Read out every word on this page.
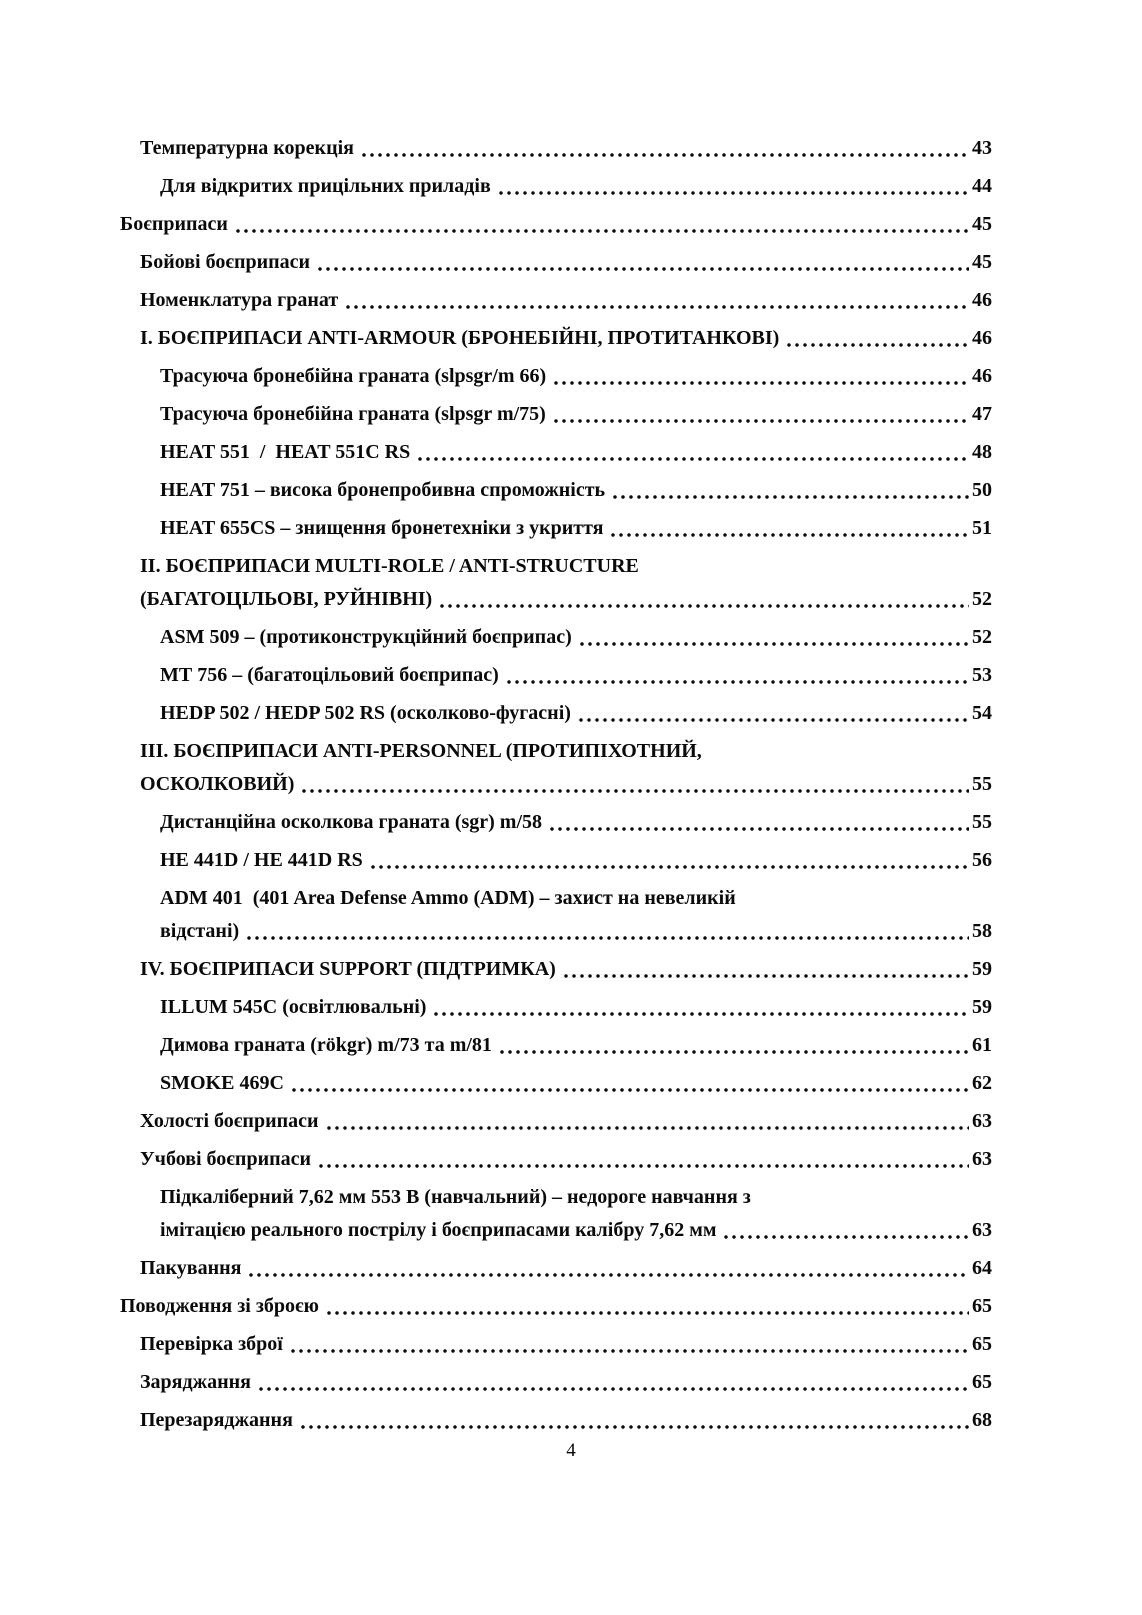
Температурна корекція	43
Для відкритих прицільних приладів	44
Боєприпаси	45
Бойові боєприпаси	45
Номенклатура гранат	46
I. БОЄПРИПАСИ ANTI-ARMOUR (БРОНЕБІЙНІ, ПРОТИТАНКОВІ)	46
Трасуюча бронебійна граната (slpsgr/m 66)	46
Трасуюча бронебійна граната (slpsgr m/75)	47
HEAT 551  /  HEAT 551C RS	48
HEAT 751 – висока бронепробивна спроможність	50
HEAT 655CS – знищення бронетехніки з укриття	51
II. БОЄПРИПАСИ MULTI-ROLE / ANTI-STRUCTURE
(БАГАТОЦІЛЬОВІ, РУЙНІВНІ)	52
ASM 509 – (протиконструкційний боєприпас)	52
МТ 756 – (багатоцільовий боєприпас)	53
HEDP 502 / HEDP 502 RS (осколково-фугасні)	54
III. БОЄПРИПАСИ ANTI-PERSONNEL (ПРОТИПІХОТНИЙ,
ОСКОЛКОВИЙ)	55
Дистанційна осколкова граната (sgr) m/58	55
HE 441D / HE 441D RS	56
ADM 401  (401 Area Defense Ammo (ADM) – захист на невеликій
відстані)	58
IV. БОЄПРИПАСИ SUPPORT (ПІДТРИМКА)	59
ILLUM 545C (освітлювальні)	59
Димова граната (rökgr) m/73 та m/81	61
SMOKE 469C	62
Холості боєприпаси	63
Учбові боєприпаси	63
Підкаліберний 7,62 мм 553 В (навчальний) – недороге навчання з
імітацією реального пострілу і боєприпасами калібру 7,62 мм	63
Пакування	64
Поводження зі зброєю	65
Перевірка зброї	65
Заряджання	65
Перезаряджання	68
4
